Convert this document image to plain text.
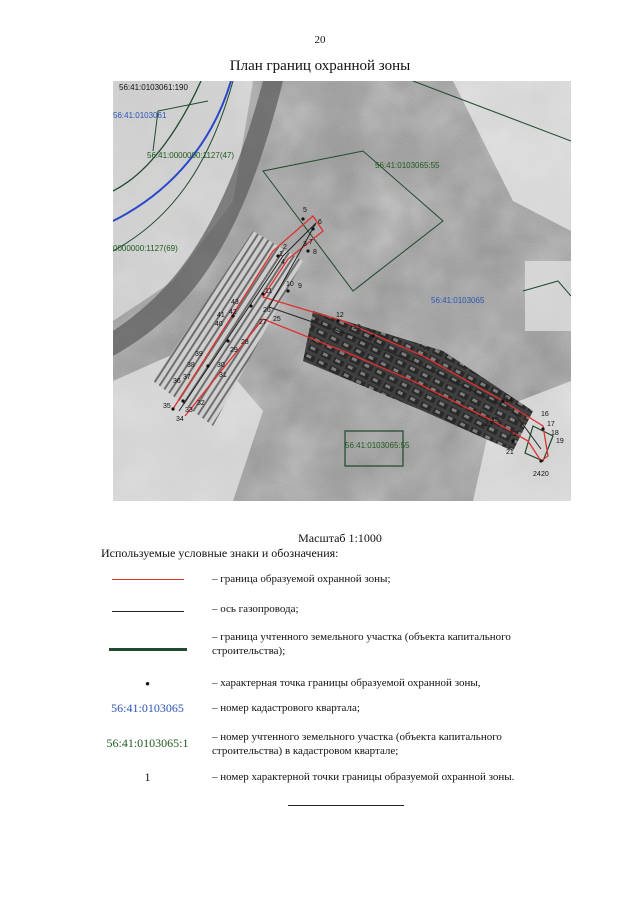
20
План границ охранной зоны
56:41:0103061:190
56:41:0103061
56:41:0000000:1127(47)
56:41:0103065:55
0000000:1127(69)
56:41:0103065
56:41:0103065:55
1
2 3
4
5
6
7
8
9
10
11
12
13
14
15
16
17
18
19
20
21
22
23
24
25
26
27
28
29
30
31
32
33
34
35
36
37
38
39
40
41 42
43
Масштаб 1:1000
Используемые условные знаки и обозначения:
– граница образуемой охранной зоны;
– ось газопровода;
– граница учтенного земельного участка (объекта капитального строительства);
•	– характерная точка границы образуемой охранной зоны,
56:41:0103065	– номер кадастрового квартала;
56:41:0103065:1	– номер учтенного земельного участка (объекта капитального строительства) в кадастровом квартале;
1	– номер характерной точки границы образуемой охранной зоны.
